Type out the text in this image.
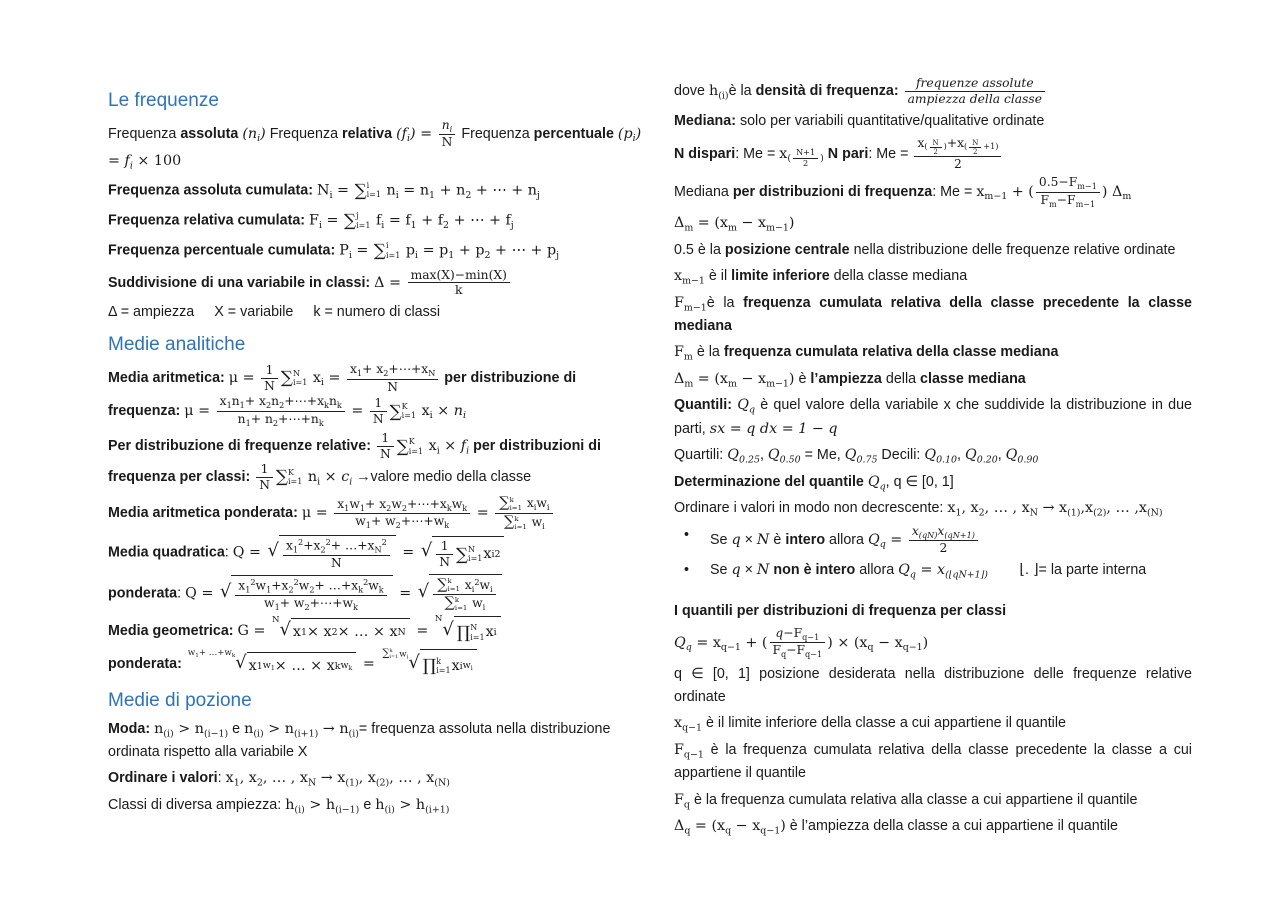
Le frequenze

Frequenza assoluta $(n_i)$ Frequenza relativa $(f_i) = \frac{n_i}{N}$ Frequenza percentuale $(p_i) = f_i \times 100$

Frequenza assoluta cumulata: $N_i$ = ∑ i
i=1 $n_i = n_1 + n_2$ + ⋯ + $n_j$

Frequenza relativa cumulata: $F_i$ = ∑ j
i=1 $f_i = f_1 + f_2$ + ⋯ + $f_j$

Frequenza percentuale cumulata: $P_i$ = ∑ i
i=1 $p_i = p_1 + p_2$ + ⋯ + $p_j$

Suddivisione di una variabile in classi: $\Delta = \frac{\max(X)-\min(X)}{k}$

Δ = ampiezza X = variabile k = numero di classi

Medie analitiche

Media aritmetica: $\mu = \frac{1}{N}$ ∑ N
i=1 $x_i = \frac{x_1+ x_2+\cdots+x_N}{N}$ per distribuzione di frequenza: $\mu = \frac{x_1n_1+ x_2n_2+\cdots+x_kn_k}{n_1+ n_2+\cdots+n_k} = \frac{1}{N}$ ∑ K
i=1 $x_i \times n_i$

Per distribuzione di frequenze relative: $\frac{1}{N}$ ∑ K
i=1 $x_i \times f_i$ per distribuzioni di frequenza per classi: $\frac{1}{N}$ ∑ K
i=1 $n_i \times c_i$ →valore medio della classe

Media aritmetica ponderata: $\mu = \frac{x_1w_1+ x_2w_2+\cdots+x_kw_k}{w_1+ w_2+\cdots+w_k}$ = ∑ k
i=1 $x_iw_i$
∑ k
i=1 $w_i$

Media quadratica: Q = √ $\frac{x_1^2+x_2^2+ \dots+x_N^2}{N}$ = √ $\frac{1}{N}$ ∑ N
i=1 x i 2

ponderata: Q = √ $\frac{x_1^2w_1+x_2^2w_2+ \dots+x_k^2w_k}{w_1+ w_2+\cdots+w_k}$ = √ ∑ k
i=1 $x_i^2w_i$
∑ k
i=1 $w_i$

Media geometrica: G =
N √ x 1 × x 2 × … × x N =
N √ ∏ N
i=1 x i

ponderata:
$w_1+$ $\dots+w_k$ √ x 1 $w_1$ × … × x k $w_k$ =
∑ k
i=1 $w_i$ √ ∏ k
i=1 x i $w_i$

Medie di pozione

Moda: $n_{(i)} > n_{(i-1)}$ e $n_{(i)} > n_{(i+1)} \to n_{(i)}=$ frequenza assoluta nella distribuzione ordinata rispetto alla variabile X

Ordinare i valori: $x_1$, $x_2$, … , $x_N \to x_{(1)}$, $x_{(2)}$, … , $x_{(N)}$

Classi di diversa ampiezza: $h_{(i)} > h_{(i-1)}$ e $h_{(i)} > h_{(i+1)}$

dove $h_{(i)}è$ la densità di frequenza: $\frac{\text{frequenze assolute}}{\text{ampiezza della classe}}$

Mediana: solo per variabili quantitative/qualitative ordinate

N dispari: $Me = x_{( \frac{N+1}{2} )}$ N pari: $Me = x_{( \frac{N}{2} )}+x_{( \frac{N}{2} +1)}$
2

Mediana per distribuzioni di frequenza: $Me = x_{m-1}$ + ( $\frac{0.5-F_{m-1}}{F_m-F_{m-1}}$ ) $\Delta_m$

$\Delta_m = (x_m - x_{m-1})$

0.5 è la posizione centrale nella distribuzione delle frequenze relative ordinate

$x_{m-1}$ è il limite inferiore della classe mediana

$F_{m-1}è$ la frequenza cumulata relativa della classe precedente la classe mediana

$F_m$ è la frequenza cumulata relativa della classe mediana

$\Delta_m = (x_m - x_{m-1})$ è l’ampiezza della classe mediana

Quantili: $Q_q$ è quel valore della variabile x che suddivide la distribuzione in due parti, sx = q dx = 1 − q

Quartili: $Q_{0.25}$, $Q_{0.50} = Me$, $Q_{0.75}$ Decili: $Q_{0.10}$, $Q_{0.20}$, $Q_{0.90}$

Determinazione del quantile $Q_q$, q ∈ [0, 1]

Ordinare i valori in modo non decrescente: $x_1$, $x_2$, … , $x_N \to x_{(1)},x_{(2)}$, … $,x_{(N)}$

• Se q × N è intero allora $Q_q = \frac{x_{(qN)}x_{(qN+1)}}{2}$

• Se q × N non è intero allora $Q_q = x_{(⌊qN+1⌋)}$ ⌊. ⌋= la parte interna

I quantili per distribuzioni di frequenza per classi

$Q_q = x_{q-1}$ + ( $\frac{q-F_{q-1}}{F_q-F_{q-1}}$ ) × $(x_q - x_{q-1})$

q ∈ [0, 1] posizione desiderata nella distribuzione delle frequenze relative ordinate

$x_{q-1}$ è il limite inferiore della classe a cui appartiene il quantile

$F_{q-1}$ è la frequenza cumulata relativa della classe precedente la classe a cui appartiene il quantile

$F_q$ è la frequenza cumulata relativa alla classe a cui appartiene il quantile

$\Delta_q = (x_q - x_{q-1})$ è l’ampiezza della classe a cui appartiene il quantile
